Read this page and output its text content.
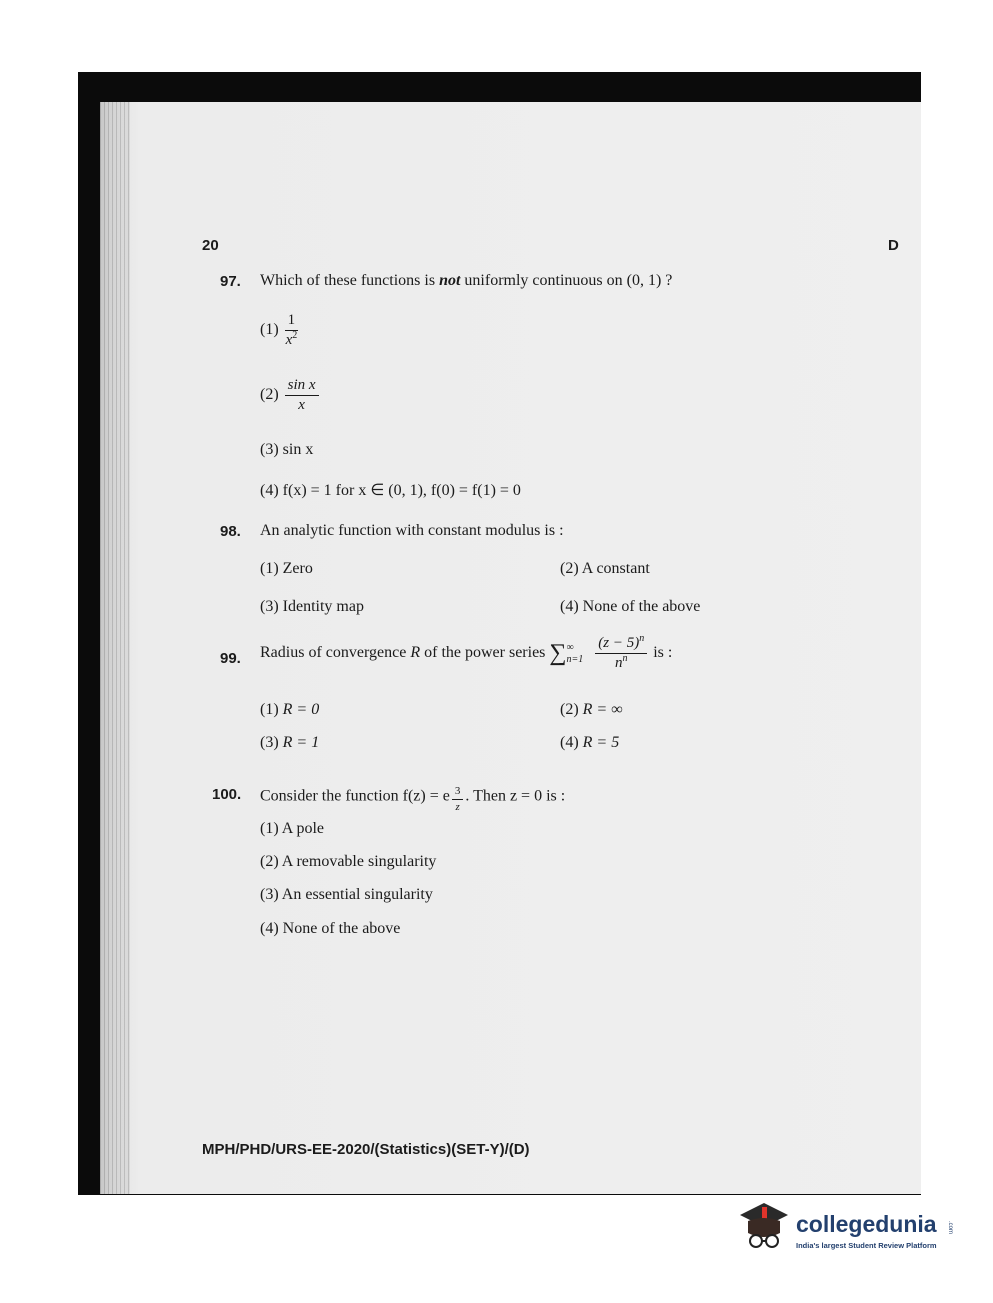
20	D
97. Which of these functions is not uniformly continuous on (0, 1) ?
$(1) \frac{1}{x^2}$
$(2) \frac{\text{sin x}}{x}$
(3) sin x
(4) f(x) = 1 for x ∈ (0, 1), f(0) = f(1) = 0
98. An analytic function with constant modulus is :
(1) Zero	(2) A constant
(3) Identity map	(4) None of the above
99. Radius of convergence R of the power series ∑ ∞
n=1
$\frac{(z - 5)^n}{n^n}$ is :
(1) R = 0	(2) R = ∞
(3) R = 1	(4) R = 5
100. Consider the function f(z) = e $\frac{3}{z}$ . Then z = 0 is :
(1) A pole
(2) A removable singularity
(3) An essential singularity
(4) None of the above
MPH/PHD/URS-EE-2020/(Statistics)(SET-Y)/(D)
collegedunia .com
India's largest Student Review Platform
